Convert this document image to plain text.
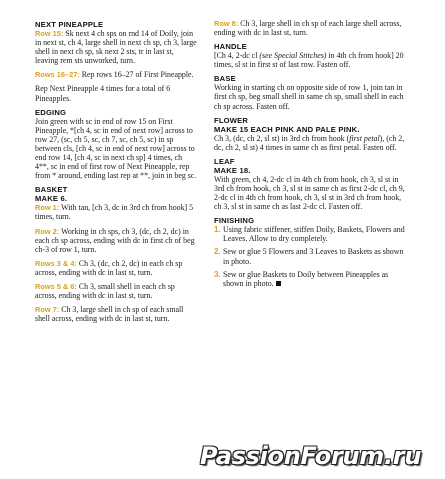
NEXT PINEAPPLE

Row 15: Sk next 4 ch sps on rnd 14 of Doily, join in next st, ch 4, large shell in next ch sp, ch 3, large shell in next ch sp, sk next 2 sts, tr in last st, leaving rem sts unworked, turn.

Rows 16–27: Rep rows 16–27 of First Pineapple.

Rep Next Pineapple 4 times for a total of 6 Pineapples.

EDGING

Join green with sc in end of row 15 on First Pineapple, *[ch 4, sc in end of next row] across to row 27, (sc, ch 5, sc, ch 7, sc, ch 5, sc) in sp between cls, [ch 4, sc in end of next row] across to end row 14, [ch 4, sc in next ch sp] 4 times, ch 4**, sc in end of first row of Next Pineapple, rep from * around, ending last rep at **, join in beg sc.

BASKET
MAKE 6.

Row 1: With tan, [ch 3, dc in 3rd ch from hook] 5 times, turn.

Row 2: Working in ch sps, ch 3, (dc, ch 2, dc) in each ch sp across, ending with dc in first ch of beg ch-3 of row 1, turn.

Rows 3 & 4: Ch 3, (dc, ch 2, dc) in each ch sp across, ending with dc in last st, turn.

Rows 5 & 6: Ch 3, small shell in each ch sp across, ending with dc in last st, turn.

Row 7: Ch 3, large shell in ch sp of each small shell across, ending with dc in last st, turn.

Row 8: Ch 3, large shell in ch sp of each large shell across, ending with dc in last st, turn.

HANDLE

[Ch 4, 2-dc cl (see Special Stitches) in 4th ch from hook] 20 times, sl st in first st of last row. Fasten off.

BASE

Working in starting ch on opposite side of row 1, join tan in first ch sp, beg small shell in same ch sp, small shell in each ch sp across. Fasten off.

FLOWER
MAKE 15 EACH PINK AND PALE PINK.

Ch 3, (dc, ch 2, sl st) in 3rd ch from hook (first petal), (ch 2, dc, ch 2, sl st) 4 times in same ch as first petal. Fasten off.

LEAF
MAKE 18.

With green, ch 4, 2-dc cl in 4th ch from hook, ch 3, sl st in 3rd ch from hook, ch 3, sl st in same ch as first 2-dc cl, ch 9, 2-dc cl in 4th ch from hook, ch 3, sl st in 3rd ch from hook, ch 3, sl st in same ch as last 2-dc cl. Fasten off.

FINISHING
1. Using fabric stiffener, stiffen Doily, Baskets, Flowers and Leaves. Allow to dry completely.
2. Sew or glue 5 Flowers and 3 Leaves to Baskets as shown in photo.
3. Sew or glue Baskets to Doily between Pineapples as shown in photo.
PassionForum.ru
